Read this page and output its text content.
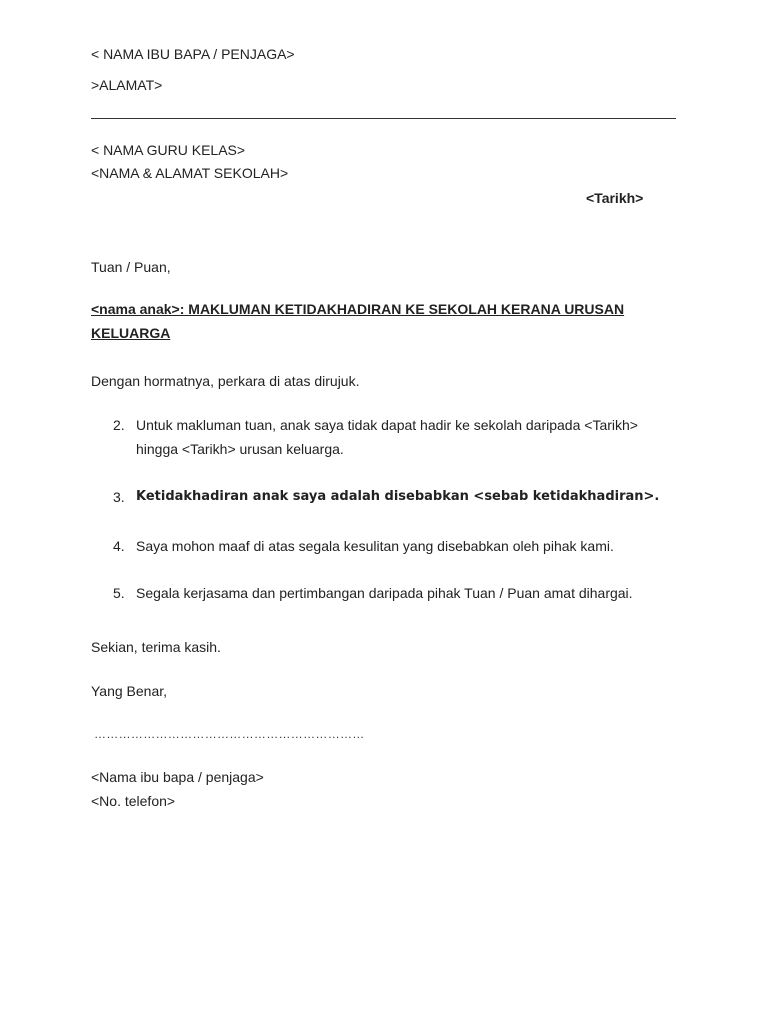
< NAMA IBU BAPA / PENJAGA>
>ALAMAT>
< NAMA GURU KELAS>
<NAMA & ALAMAT SEKOLAH>
<Tarikh>
Tuan / Puan,
<nama anak>: MAKLUMAN KETIDAKHADIRAN KE SEKOLAH KERANA URUSAN
KELUARGA
Dengan hormatnya, perkara di atas dirujuk.
2. Untuk makluman tuan, anak saya tidak dapat hadir ke sekolah daripada <Tarikh>
hingga <Tarikh> urusan keluarga.
3. Ketidakhadiran anak saya adalah disebabkan <sebab ketidakhadiran>.
4. Saya mohon maaf di atas segala kesulitan yang disebabkan oleh pihak kami.
5. Segala kerjasama dan pertimbangan daripada pihak Tuan / Puan amat dihargai.
Sekian, terima kasih.
Yang Benar,
…………………………………………………………
<Nama ibu bapa / penjaga>
<No. telefon>
